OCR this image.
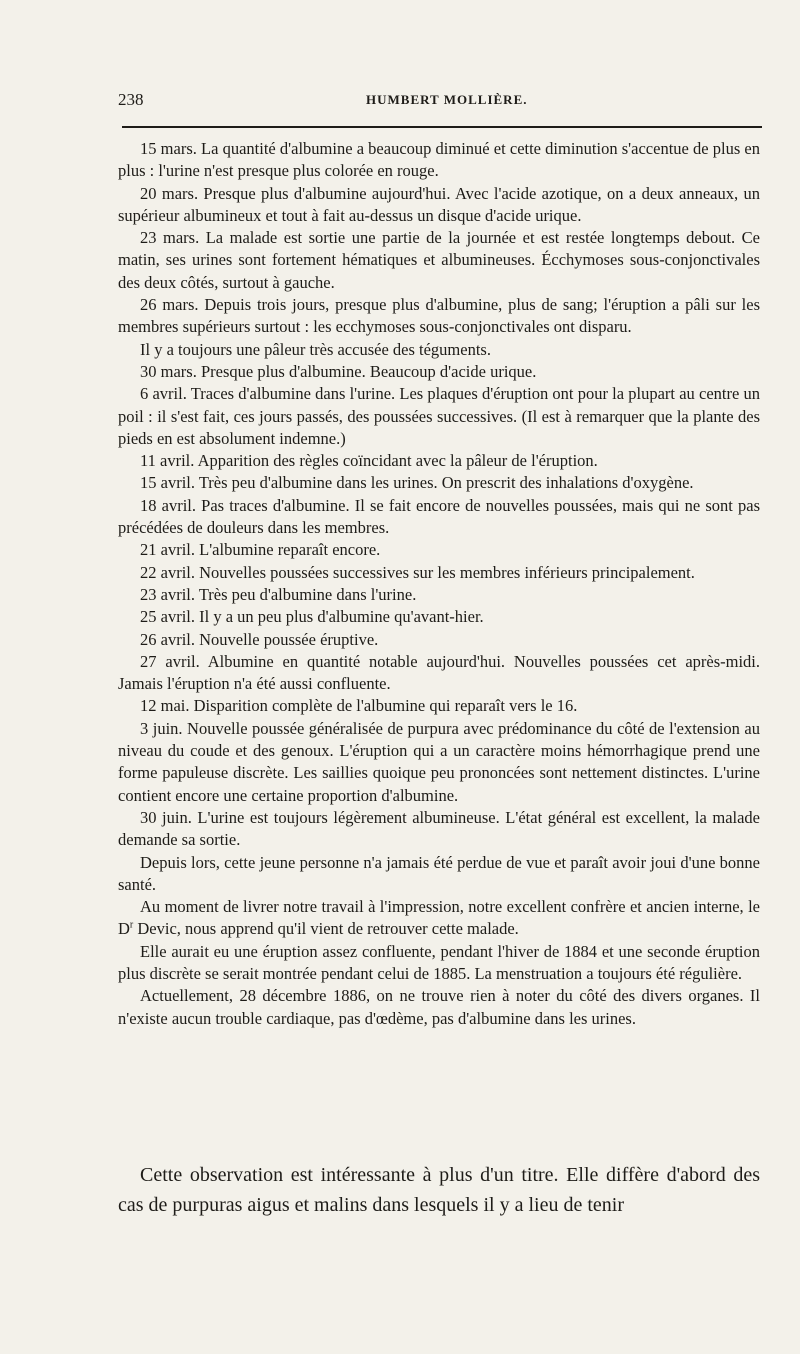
238	HUMBERT MOLLIÈRE.

15 mars. La quantité d'albumine a beaucoup diminué et cette diminution s'accentue de plus en plus : l'urine n'est presque plus colorée en rouge.

20 mars. Presque plus d'albumine aujourd'hui. Avec l'acide azotique, on a deux anneaux, un supérieur albumineux et tout à fait au-dessus un disque d'acide urique.

23 mars. La malade est sortie une partie de la journée et est restée longtemps debout. Ce matin, ses urines sont fortement hématiques et albumineuses. Écchymoses sous-conjonctivales des deux côtés, surtout à gauche.

26 mars. Depuis trois jours, presque plus d'albumine, plus de sang; l'éruption a pâli sur les membres supérieurs surtout : les ecchymoses sous-conjonctivales ont disparu.

Il y a toujours une pâleur très accusée des téguments.

30 mars. Presque plus d'albumine. Beaucoup d'acide urique.

6 avril. Traces d'albumine dans l'urine. Les plaques d'éruption ont pour la plupart au centre un poil : il s'est fait, ces jours passés, des poussées successives. (Il est à remarquer que la plante des pieds en est absolument indemne.)

11 avril. Apparition des règles coïncidant avec la pâleur de l'éruption.

15 avril. Très peu d'albumine dans les urines. On prescrit des inhalations d'oxygène.

18 avril. Pas traces d'albumine. Il se fait encore de nouvelles poussées, mais qui ne sont pas précédées de douleurs dans les membres.

21 avril. L'albumine reparaît encore.

22 avril. Nouvelles poussées successives sur les membres inférieurs principalement.

23 avril. Très peu d'albumine dans l'urine.

25 avril. Il y a un peu plus d'albumine qu'avant-hier.

26 avril. Nouvelle poussée éruptive.

27 avril. Albumine en quantité notable aujourd'hui. Nouvelles poussées cet après-midi. Jamais l'éruption n'a été aussi confluente.

12 mai. Disparition complète de l'albumine qui reparaît vers le 16.

3 juin. Nouvelle poussée généralisée de purpura avec prédominance du côté de l'extension au niveau du coude et des genoux. L'éruption qui a un caractère moins hémorrhagique prend une forme papuleuse discrète. Les saillies quoique peu prononcées sont nettement distinctes. L'urine contient encore une certaine proportion d'albumine.

30 juin. L'urine est toujours légèrement albumineuse. L'état général est excellent, la malade demande sa sortie.

Depuis lors, cette jeune personne n'a jamais été perdue de vue et paraît avoir joui d'une bonne santé.

Au moment de livrer notre travail à l'impression, notre excellent confrère et ancien interne, le $D^r$ Devic, nous apprend qu'il vient de retrouver cette malade.

Elle aurait eu une éruption assez confluente, pendant l'hiver de 1884 et une seconde éruption plus discrète se serait montrée pendant celui de 1885. La menstruation a toujours été régulière.

Actuellement, 28 décembre 1886, on ne trouve rien à noter du côté des divers organes. Il n'existe aucun trouble cardiaque, pas d'œdème, pas d'albumine dans les urines.

Cette observation est intéressante à plus d'un titre. Elle diffère d'abord des cas de purpuras aigus et malins dans lesquels il y a lieu de tenir
